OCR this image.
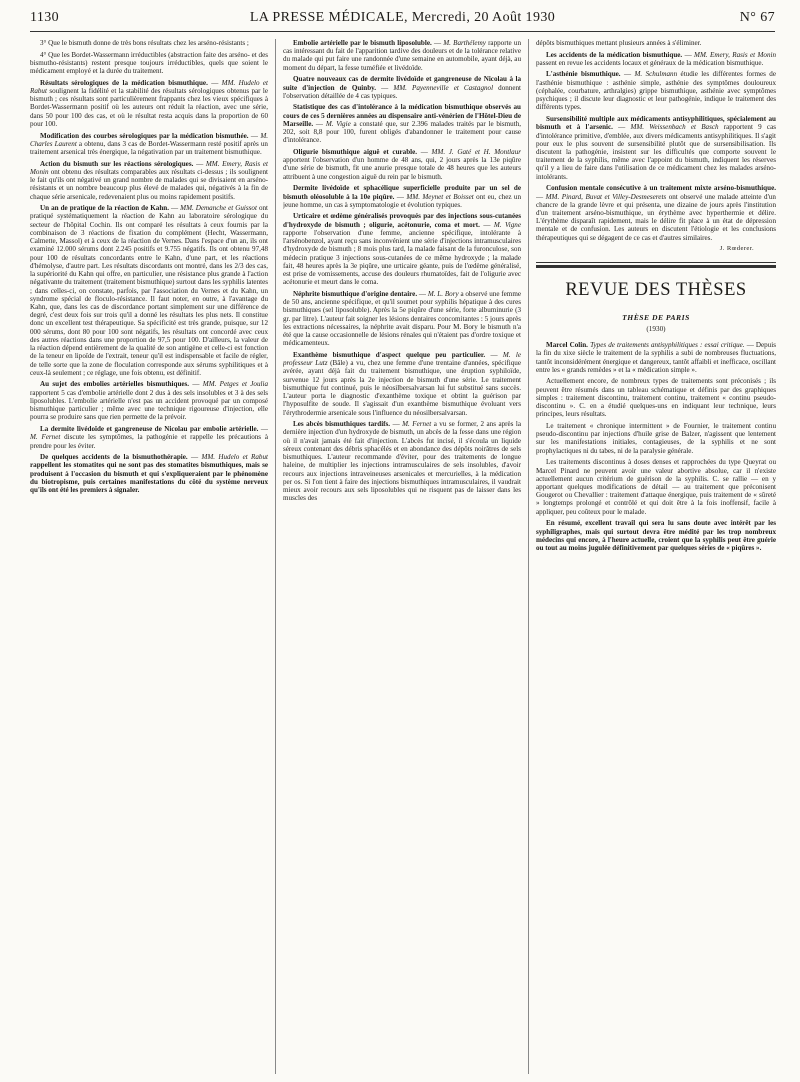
1130	LA PRESSE MÉDICALE, Mercredi, 20 Août 1930	N° 67

3° Que le bismuth donne de très bons résultats chez les arséno-résistants ;

4° Que les Bordet-Wassermann irréductibles (abstraction faite des arséno- et des bismutho-résistants) restent presque toujours irréductibles, quels que soient le médicament employé et la durée du traitement.

Résultats sérologiques de la médication bismuthique. — MM. Hudelo et Rabut soulignent la fidélité et la stabilité des résultats sérologiques obtenus par le bismuth ; ces résultats sont particulièrement frappants chez les vieux spécifiques à Bordet-Wassermann positif où les auteurs ont réduit la réaction, avec une série, dans 50 pour 100 des cas, et où le résultat resta acquis dans la proportion de 60 pour 100.

Modification des courbes sérologiques par la médication bismuthée. — M. Charles Laurent a obtenu, dans 3 cas de Bordet-Wassermann resté positif après un traitement arsenical très énergique, la négativation par un traitement bismuthique.

Action du bismuth sur les réactions sérologiques. — MM. Emery, Rasis et Monin ont obtenu des résultats comparables aux résultats ci-dessus ; ils soulignent le fait qu'ils ont négativé un grand nombre de malades qui se divisaient en arséno-résistants et un nombre beaucoup plus élevé de malades qui, négativés à la fin de chaque série arsenicale, redevenaient plus ou moins rapidement positifs.

Un an de pratique de la réaction de Kahn. — MM. Demanche et Guissot ont pratiqué systématiquement la réaction de Kahn au laboratoire sérologique du secteur de l'hôpital Cochin. Ils ont comparé les résultats à ceux fournis par la combinaison de 3 réactions de fixation du complément (Hecht, Wassermann, Calmette, Massol) et à ceux de la réaction de Vernes. Dans l'espace d'un an, ils ont examiné 12.000 sérums dont 2.245 positifs et 9.755 négatifs. Ils ont obtenu 97,48 pour 100 de résultats concordants entre le Kahn, d'une part, et les réactions d'hémolyse, d'autre part. Les résultats discordants ont montré, dans les 2/3 des cas, la supériorité du Kahn qui offre, en particulier, une résistance plus grande à l'action négativante du traitement (traitement bismuthique) surtout dans les syphilis latentes ; dans celles-ci, on constate, parfois, par l'association du Vernes et du Kahn, un syndrome spécial de floculo-résistance. Il faut noter, en outre, à l'avantage du Kahn, que, dans les cas de discordance portant simplement sur une différence de degré, c'est deux fois sur trois qu'il a donné les résultats les plus nets. Il constitue donc un excellent test thérapeutique. Sa spécificité est très grande, puisque, sur 12 000 sérums, dont 80 pour 100 sont négatifs, les résultats ont concordé avec ceux des autres réactions dans une proportion de 97,5 pour 100. D'ailleurs, la valeur de la réaction dépend entièrement de la qualité de son antigène et celle-ci est fonction de la teneur en lipoïde de l'extrait, teneur qu'il est indispensable et facile de régler, de telle sorte que la zone de floculation corresponde aux sérums syphilitiques et à ceux-là seulement ; ce réglage, une fois obtenu, est définitif.

Au sujet des embolies artérielles bismuthiques. — MM. Petges et Joulia rapportent 5 cas d'embolie artérielle dont 2 dus à des sels insolubles et 3 à des sels liposolubles. L'embolie artérielle n'est pas un accident provoqué par un composé bismuthique particulier ; même avec une technique rigoureuse d'injection, elle pourra se produire sans que rien permette de la prévoir.

La dermite livédoïde et gangreneuse de Nicolau par embolie artérielle. — M. Fernet discute les symptômes, la pathogénie et rappelle les précautions à prendre pour les éviter.

De quelques accidents de la bismuthothérapie. — MM. Hudelo et Rabut rappellent les stomatites qui ne sont pas des stomatites bismuthiques, mais se produisent à l'occasion du bismuth et qui s'expliqueraient par le phénomène du biotropisme, puis certaines manifestations du côté du système nerveux qu'ils ont été les premiers à signaler.

Embolie artérielle par le bismuth liposoluble. — M. Barthélemy rapporte un cas intéressant du fait de l'apparition tardive des douleurs et de la tolérance relative du malade qui put faire une randonnée d'une semaine en automobile, ayant déjà, au moment du départ, la fesse tuméfiée et livédoïde.

Quatre nouveaux cas de dermite livédoïde et gangreneuse de Nicolau à la suite d'injection de Quinby. — MM. Payenneville et Castagnol donnent l'observation détaillée de 4 cas typiques.

Statistique des cas d'intolérance à la médication bismuthique observés au cours de ces 5 dernières années au dispensaire anti-vénérien de l'Hôtel-Dieu de Marseille. — M. Vigie a constaté que, sur 2.396 malades traités par le bismuth, 202, soit 8,8 pour 100, furent obligés d'abandonner le traitement pour cause d'intolérance.

Oligurie bismuthique aiguë et curable. — MM. J. Gaté et H. Montlaur apportent l'observation d'un homme de 48 ans, qui, 2 jours après la 13e piqûre d'une série de bismuth, fit une anurie presque totale de 48 heures que les auteurs attribuent à une congestion aiguë du rein par le bismuth.

Dermite livédoïde et sphacélique superficielle produite par un sel de bismuth oléosoluble à la 10e piqûre. — MM. Meynet et Boisset ont eu, chez un jeune homme, un cas à symptomatologie et évolution typiques.

Urticaire et œdème généralisés provoqués par des injections sous-cutanées d'hydroxyde de bismuth ; oligurie, acétonurie, coma et mort. — M. Vigne rapporte l'observation d'une femme, ancienne spécifique, intolérante à l'arsénobenzol, ayant reçu sans inconvénient une série d'injections intramusculaires d'hydroxyde de bismuth ; 8 mois plus tard, la malade faisant de la furonculose, son médecin pratique 3 injections sous-cutanées de ce même hydroxyde ; la malade fait, 48 heures après la 3e piqûre, une urticaire géante, puis de l'œdème généralisé, est prise de vomissements, accuse des douleurs rhumatoïdes, fait de l'oligurie avec acétonurie et meurt dans le coma.

Néphrite bismuthique d'origine dentaire. — M. L. Bory a observé une femme de 50 ans, ancienne spécifique, et qu'il soumet pour syphilis hépatique à des cures bismuthiques (sel liposoluble). Après la 5e piqûre d'une série, forte albuminurie (3 gr. par litre). L'auteur fait soigner les lésions dentaires concomitantes : 5 jours après les extractions nécessaires, la néphrite avait disparu. Pour M. Bory le bismuth n'a été que la cause occasionnelle de lésions rénales qui n'étaient pas d'ordre toxique et médicamenteux.

Exanthème bismuthique d'aspect quelque peu particulier. — M. le professeur Lutz (Bâle) a vu, chez une femme d'une trentaine d'années, spécifique avérée, ayant déjà fait du traitement bismuthique, une éruption syphiloïde, survenue 12 jours après la 2e injection de bismuth d'une série. Le traitement bismuthique fut continué, puis le néosilbersalvarsan lui fut substitué sans succès. L'auteur porta le diagnostic d'exanthème toxique et obtint la guérison par l'hyposulfite de soude. Il s'agissait d'un exanthème bismuthique évoluant vers l'érythrodermie arsenicale sous l'influence du néosilbersalvarsan.

Les abcès bismuthiques tardifs. — M. Fernet a vu se former, 2 ans après la dernière injection d'un hydroxyde de bismuth, un abcès de la fesse dans une région où il n'avait jamais été fait d'injection. L'abcès fut incisé, il s'écoula un liquide séreux contenant des débris sphacélés et en abondance des dépôts noirâtres de sels bismuthiques. L'auteur recommande d'éviter, pour des traitements de longue haleine, de multiplier les injections intramusculaires de sels insolubles, d'avoir recours aux injections intraveineuses arsenicales et mercurielles, à la médication per os. Si l'on tient à faire des injections bismuthiques intramusculaires, il vaudrait mieux avoir recours aux sels liposolubles qui ne risquent pas de laisser dans les muscles des

dépôts bismuthiques mettant plusieurs années à s'éliminer.

Les accidents de la médication bismuthique. — MM. Emery, Rasis et Monin passent en revue les accidents locaux et généraux de la médication bismuthique.

L'asthénie bismuthique. — M. Schulmann étudie les différentes formes de l'asthénie bismuthique : asthénie simple, asthénie des symptômes douloureux (céphalée, courbature, arthralgies) grippe bismuthique, asthénie avec symptômes psychiques ; il discute leur diagnostic et leur pathogénie, indique le traitement des différents types.

Sursensibilité multiple aux médicaments antisyphilitiques, spécialement au bismuth et à l'arsenic. — MM. Weissenbach et Basch rapportent 9 cas d'intolérance primitive, d'emblée, aux divers médicaments antisyphilitiques. Il s'agit pour eux le plus souvent de sursensibilité plutôt que de sursensibilisation. Ils discutent la pathogénie, insistent sur les difficultés que comporte souvent le traitement de la syphilis, même avec l'appoint du bismuth, indiquent les réserves qu'il y a lieu de faire dans l'utilisation de ce médicament chez les malades arséno-intolérants.

Confusion mentale consécutive à un traitement mixte arséno-bismuthique. — MM. Pinard, Buvat et Villey-Desmeserets ont observé une malade atteinte d'un chancre de la grande lèvre et qui présenta, une dizaine de jours après l'institution d'un traitement arséno-bismuthique, un érythème avec hyperthermie et délire. L'érythème disparaît rapidement, mais le délire fit place à un état de dépression mentale et de confusion. Les auteurs en discutent l'étiologie et les conclusions thérapeutiques qui se dégagent de ce cas et d'autres similaires.

J. Rœderer.
REVUE DES THÈSES
THÈSE DE PARIS
(1930)

Marcel Colin. Types de traitements antisyphilitiques : essai critique. — Depuis la fin du xixe siècle le traitement de la syphilis a subi de nombreuses fluctuations, tantôt inconsidérément énergique et dangereux, tantôt affaibli et inefficace, oscillant entre les « grands remèdes » et la « médication simple ».

Actuellement encore, de nombreux types de traitements sont préconisés ; ils peuvent être résumés dans un tableau schématique et définis par des graphiques simples : traitement discontinu, traitement continu, traitement « continu pseudo-discontinu ». C. en a étudié quelques-uns en indiquant leur technique, leurs principes, leurs résultats.

Le traitement « chronique intermittent » de Fournier, le traitement continu pseudo-discontinu par injections d'huile grise de Balzer, n'agissent que lentement sur les manifestations initiales, contagieuses, de la syphilis et ne sont prophylactiques ni du tabes, ni de la paralysie générale.

Les traitements discontinus à doses denses et rapprochées du type Queyrat ou Marcel Pinard ne peuvent avoir une valeur abortive absolue, car il n'existe actuellement aucun critérium de guérison de la syphilis. C. se rallie — en y apportant quelques modifications de détail — au traitement que préconisent Gougerot ou Chevallier : traitement d'attaque énergique, puis traitement de « sûreté » longtemps prolongé et contrôlé et qui doit être à la fois inoffensif, facile à appliquer, peu coûteux pour le malade.

En résumé, excellent travail qui sera lu sans doute avec intérêt par les syphiligraphes, mais qui surtout devra être médité par les trop nombreux médecins qui encore, à l'heure actuelle, croient que la syphilis peut être guérie ou tout au moins jugulée définitivement par quelques séries de « piqûres ».
